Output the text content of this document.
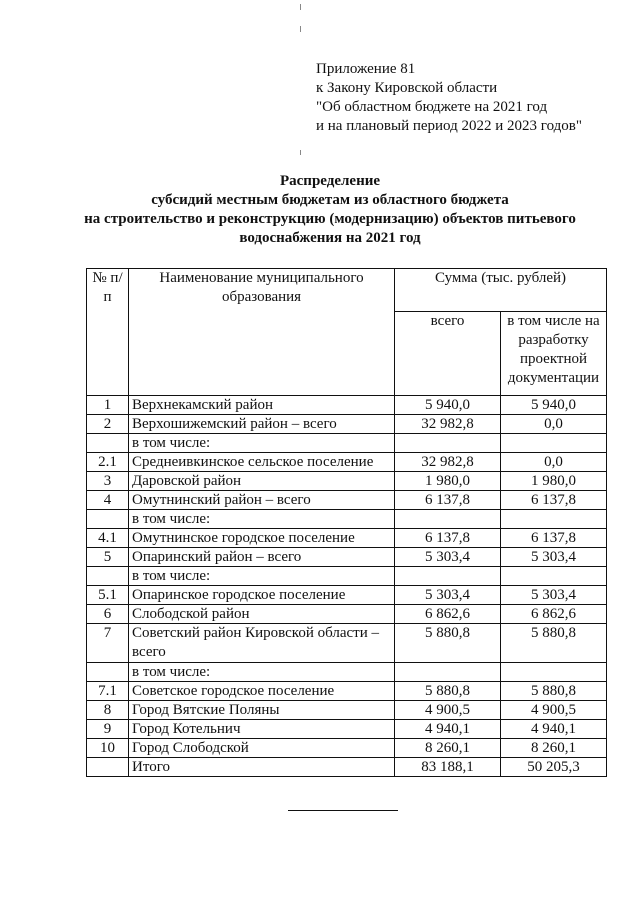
Приложение 81
к Закону Кировской области
"Об областном бюджете на 2021 год
и на плановый период 2022 и 2023 годов"
Распределение
субсидий местным бюджетам из областного бюджета
на строительство и реконструкцию (модернизацию) объектов питьевого
водоснабжения на 2021 год
№ п/п	Наименование муниципального образования	Сумма (тыс. рублей)	
		всего	в том числе на разработку проектной документации
1	Верхнекамский район	5 940,0	5 940,0
2	Верхошижемский район – всего	32 982,8	0,0
	в том числе:		
2.1	Среднеивкинское сельское поселение	32 982,8	0,0
3	Даровской район	1 980,0	1 980,0
4	Омутнинский район – всего	6 137,8	6 137,8
	в том числе:		
4.1	Омутнинское городское поселение	6 137,8	6 137,8
5	Опаринский район – всего	5 303,4	5 303,4
	в том числе:		
5.1	Опаринское городское поселение	5 303,4	5 303,4
6	Слободской район	6 862,6	6 862,6
7	Советский район Кировской области – всего	5 880,8	5 880,8
	в том числе:		
7.1	Советское городское поселение	5 880,8	5 880,8
8	Город Вятские Поляны	4 900,5	4 900,5
9	Город Котельнич	4 940,1	4 940,1
10	Город Слободской	8 260,1	8 260,1
	Итого	83 188,1	50 205,3
